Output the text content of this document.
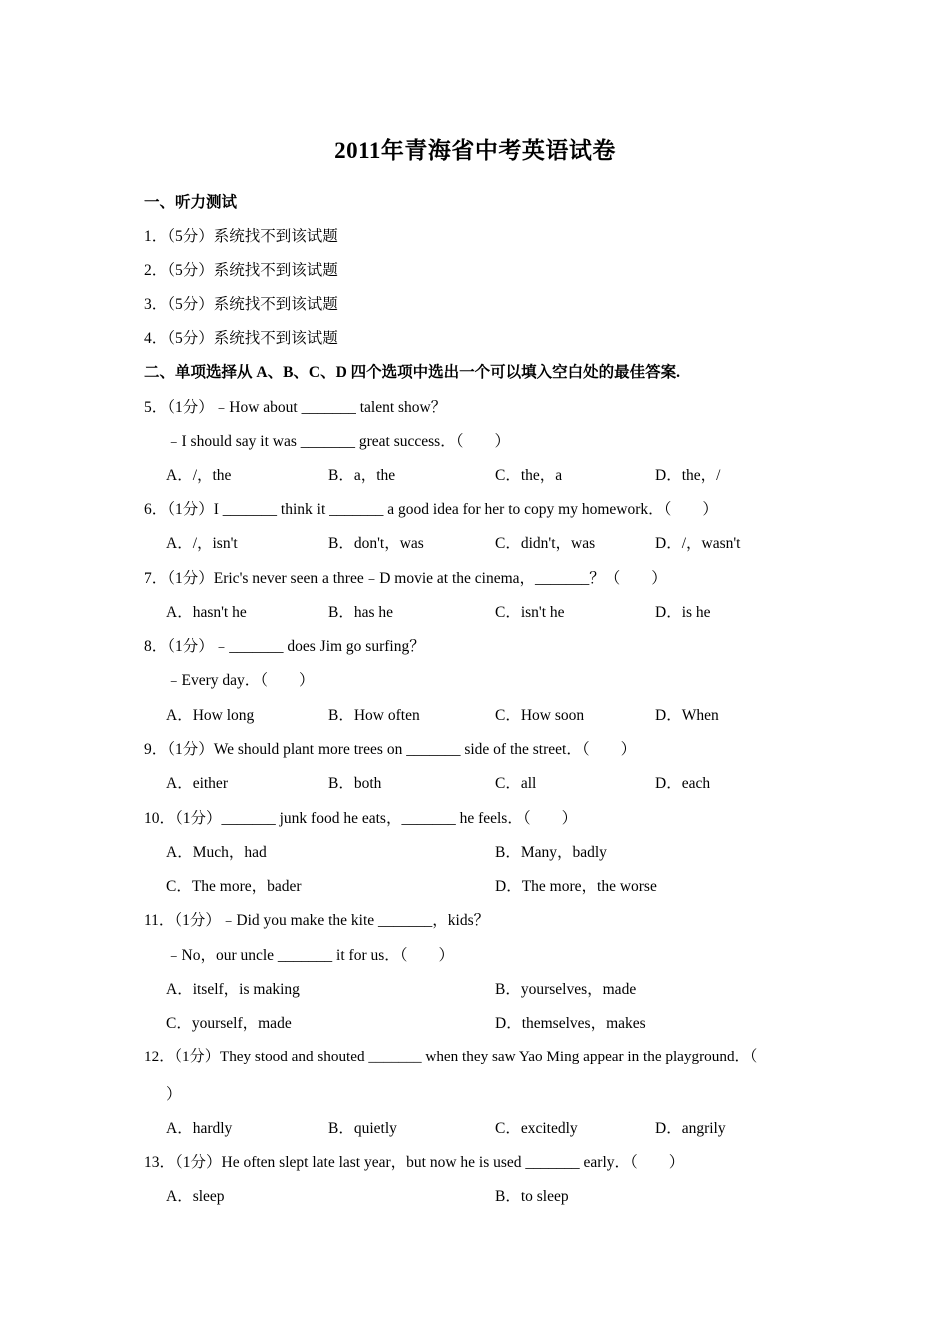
2011年青海省中考英语试卷
一、听力测试
1．（5分）系统找不到该试题
2．（5分）系统找不到该试题
3．（5分）系统找不到该试题
4．（5分）系统找不到该试题
二、单项选择从 A、B、C、D 四个选项中选出一个可以填入空白处的最佳答案.
5．（1分）﹣How about _______ talent show？
﹣I should say it was _______ great success．（　　）
A．/，the	B．a，the	C．the，a	D．the，/
6．（1分）I _______ think it _______ a good idea for her to copy my homework．（　　）
A．/，isn't	B．don't，was	C．didn't，was	D．/，wasn't
7．（1分）Eric's never seen a three﹣D movie at the cinema，_______？（　　）
A．hasn't he	B．has he	C．isn't he	D．is he
8．（1分）﹣_______ does Jim go surfing？
﹣Every day．（　　）
A．How long	B．How often	C．How soon	D．When
9．（1分）We should plant more trees on _______ side of the street．（　　）
A．either	B．both	C．all	D．each
10．（1分）_______ junk food he eats，_______ he feels．（　　）
A．Much，had	B．Many，badly
C．The more，bader	D．The more，the worse
11．（1分）﹣Did you make the kite _______，kids？
﹣No，our uncle _______ it for us．（　　）
A．itself，is making	B．yourselves，made
C．yourself，made	D．themselves，makes
12．（1分）They stood and shouted _______ when they saw Yao Ming appear in the playground．（
）
A．hardly	B．quietly	C．excitedly	D．angrily
13．（1分）He often slept late last year，but now he is used _______ early．（　　）
A．sleep	B．to sleep
